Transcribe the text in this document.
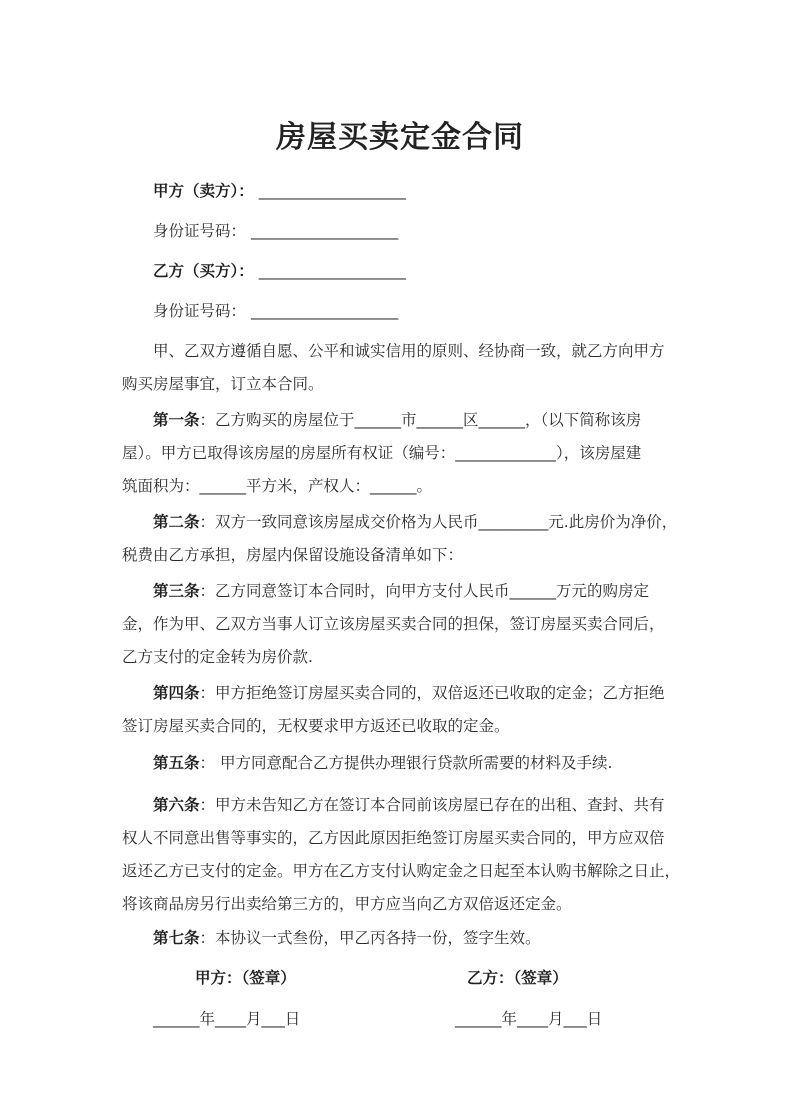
房屋买卖定金合同
甲方（卖方）： ___________________
身份证号码： ___________________
乙方（买方）： ___________________
身份证号码： ___________________
甲、乙双方遵循自愿、公平和诚实信用的原则、经协商一致，就乙方向甲方
购买房屋事宜，订立本合同。
第一条：乙方购买的房屋位于______市______区______，（以下简称该房
屋）。甲方已取得该房屋的房屋所有权证（编号：_____________），该房屋建
筑面积为：______平方米，产权人：______。
第二条：双方一致同意该房屋成交价格为人民币_________元.此房价为净价，
税费由乙方承担，房屋内保留设施设备清单如下：
第三条：乙方同意签订本合同时，向甲方支付人民币______万元的购房定
金，作为甲、乙双方当事人订立该房屋买卖合同的担保，签订房屋买卖合同后，
乙方支付的定金转为房价款.
第四条：甲方拒绝签订房屋买卖合同的，双倍返还已收取的定金；乙方拒绝
签订房屋买卖合同的，无权要求甲方返还已收取的定金。
第五条： 甲方同意配合乙方提供办理银行贷款所需要的材料及手续.
第六条：甲方未告知乙方在签订本合同前该房屋已存在的出租、查封、共有
权人不同意出售等事实的，乙方因此原因拒绝签订房屋买卖合同的，甲方应双倍
返还乙方已支付的定金。甲方在乙方支付认购定金之日起至本认购书解除之日止，
将该商品房另行出卖给第三方的，甲方应当向乙方双倍返还定金。
第七条：本协议一式叁份，甲乙丙各持一份，签字生效。
甲方：（签章）	乙方：（签章）
______年____月___日	______年____月___日
